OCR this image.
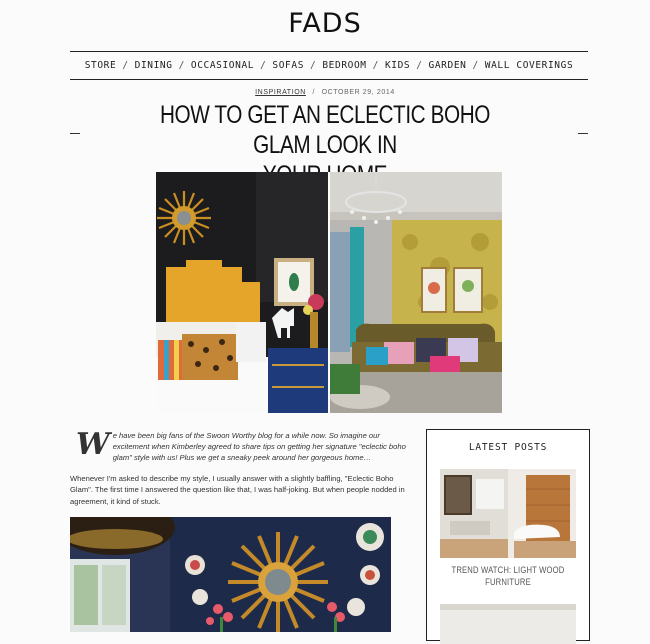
FADS
STORE / DINING / OCCASIONAL / SOFAS / BEDROOM / KIDS / GARDEN / WALL COVERINGS
INSPIRATION / OCTOBER 29, 2014
HOW TO GET AN ECLECTIC BOHO GLAM LOOK IN
W e have been big fans of the Swoon Worthy blog for a while now. So imagine our excitement when Kimberley agreed to share tips on getting her signature "eclectic boho glam" style with us! Plus we get a sneaky peek around her gorgeous home…
Whenever I'm asked to describe my style, I usually answer with a slightly baffling, "Eclectic Boho Glam". The first time I answered the question like that, I was half-joking. But when people nodded in agreement, it kind of stuck.
LATEST POSTS
TREND WATCH: LIGHT WOOD
FURNITURE
